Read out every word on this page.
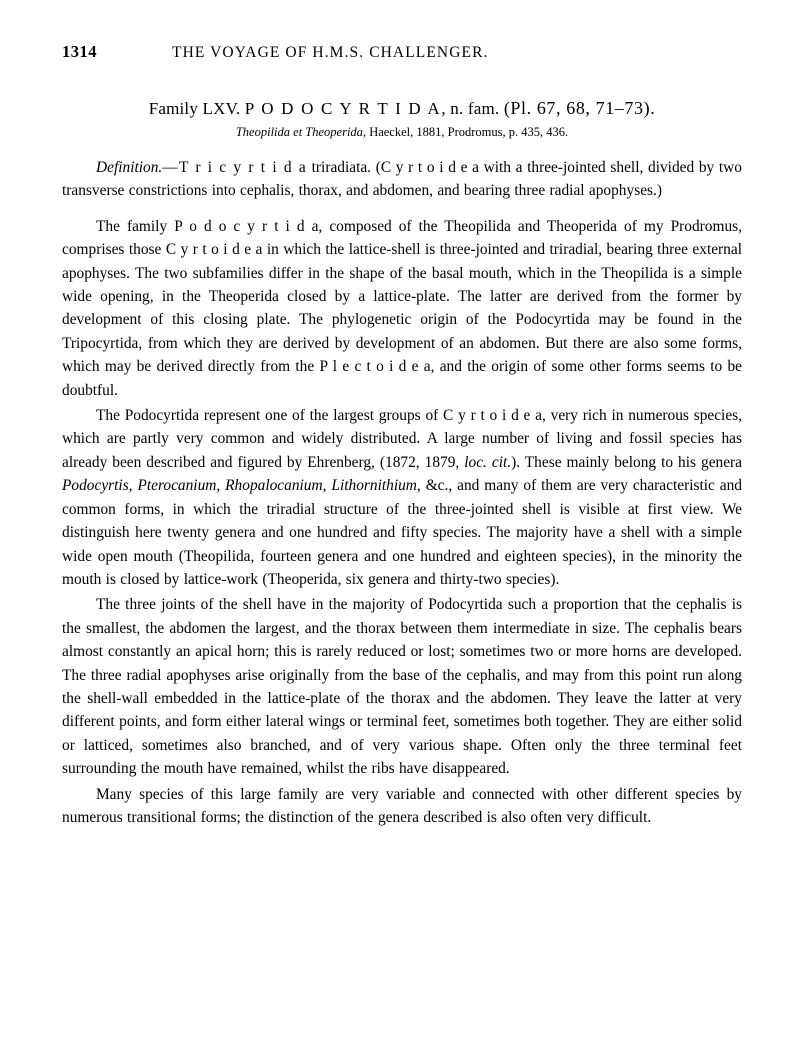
1314	THE VOYAGE OF H.M.S. CHALLENGER.
Family LXV. P O D O C Y R T I D A, n. fam. (Pl. 67, 68, 71–73).
Theopilida et Theoperida, Haeckel, 1881, Prodromus, p. 435, 436.

Definition.—T r i c y r t i d a triradiata. (C y r t o i d e a with a three-jointed shell, divided by two transverse constrictions into cephalis, thorax, and abdomen, and bearing three radial apophyses.)

The family P o d o c y r t i d a, composed of the Theopilida and Theoperida of my Prodromus, comprises those C y r t o i d e a in which the lattice-shell is three-jointed and triradial, bearing three external apophyses. The two subfamilies differ in the shape of the basal mouth, which in the Theopilida is a simple wide opening, in the Theoperida closed by a lattice-plate. The latter are derived from the former by development of this closing plate. The phylogenetic origin of the Podocyrtida may be found in the Tripocyrtida, from which they are derived by development of an abdomen. But there are also some forms, which may be derived directly from the P l e c t o i d e a, and the origin of some other forms seems to be doubtful.

The Podocyrtida represent one of the largest groups of C y r t o i d e a, very rich in numerous species, which are partly very common and widely distributed. A large number of living and fossil species has already been described and figured by Ehrenberg, (1872, 1879, loc. cit.). These mainly belong to his genera Podocyrtis, Pterocanium, Rhopalocanium, Lithornithium, &c., and many of them are very characteristic and common forms, in which the triradial structure of the three-jointed shell is visible at first view. We distinguish here twenty genera and one hundred and fifty species. The majority have a shell with a simple wide open mouth (Theopilida, fourteen genera and one hundred and eighteen species), in the minority the mouth is closed by lattice-work (Theoperida, six genera and thirty-two species).

The three joints of the shell have in the majority of Podocyrtida such a proportion that the cephalis is the smallest, the abdomen the largest, and the thorax between them intermediate in size. The cephalis bears almost constantly an apical horn; this is rarely reduced or lost; sometimes two or more horns are developed. The three radial apophyses arise originally from the base of the cephalis, and may from this point run along the shell-wall embedded in the lattice-plate of the thorax and the abdomen. They leave the latter at very different points, and form either lateral wings or terminal feet, sometimes both together. They are either solid or latticed, sometimes also branched, and of very various shape. Often only the three terminal feet surrounding the mouth have remained, whilst the ribs have disappeared.

Many species of this large family are very variable and connected with other different species by numerous transitional forms; the distinction of the genera described is also often very difficult.
